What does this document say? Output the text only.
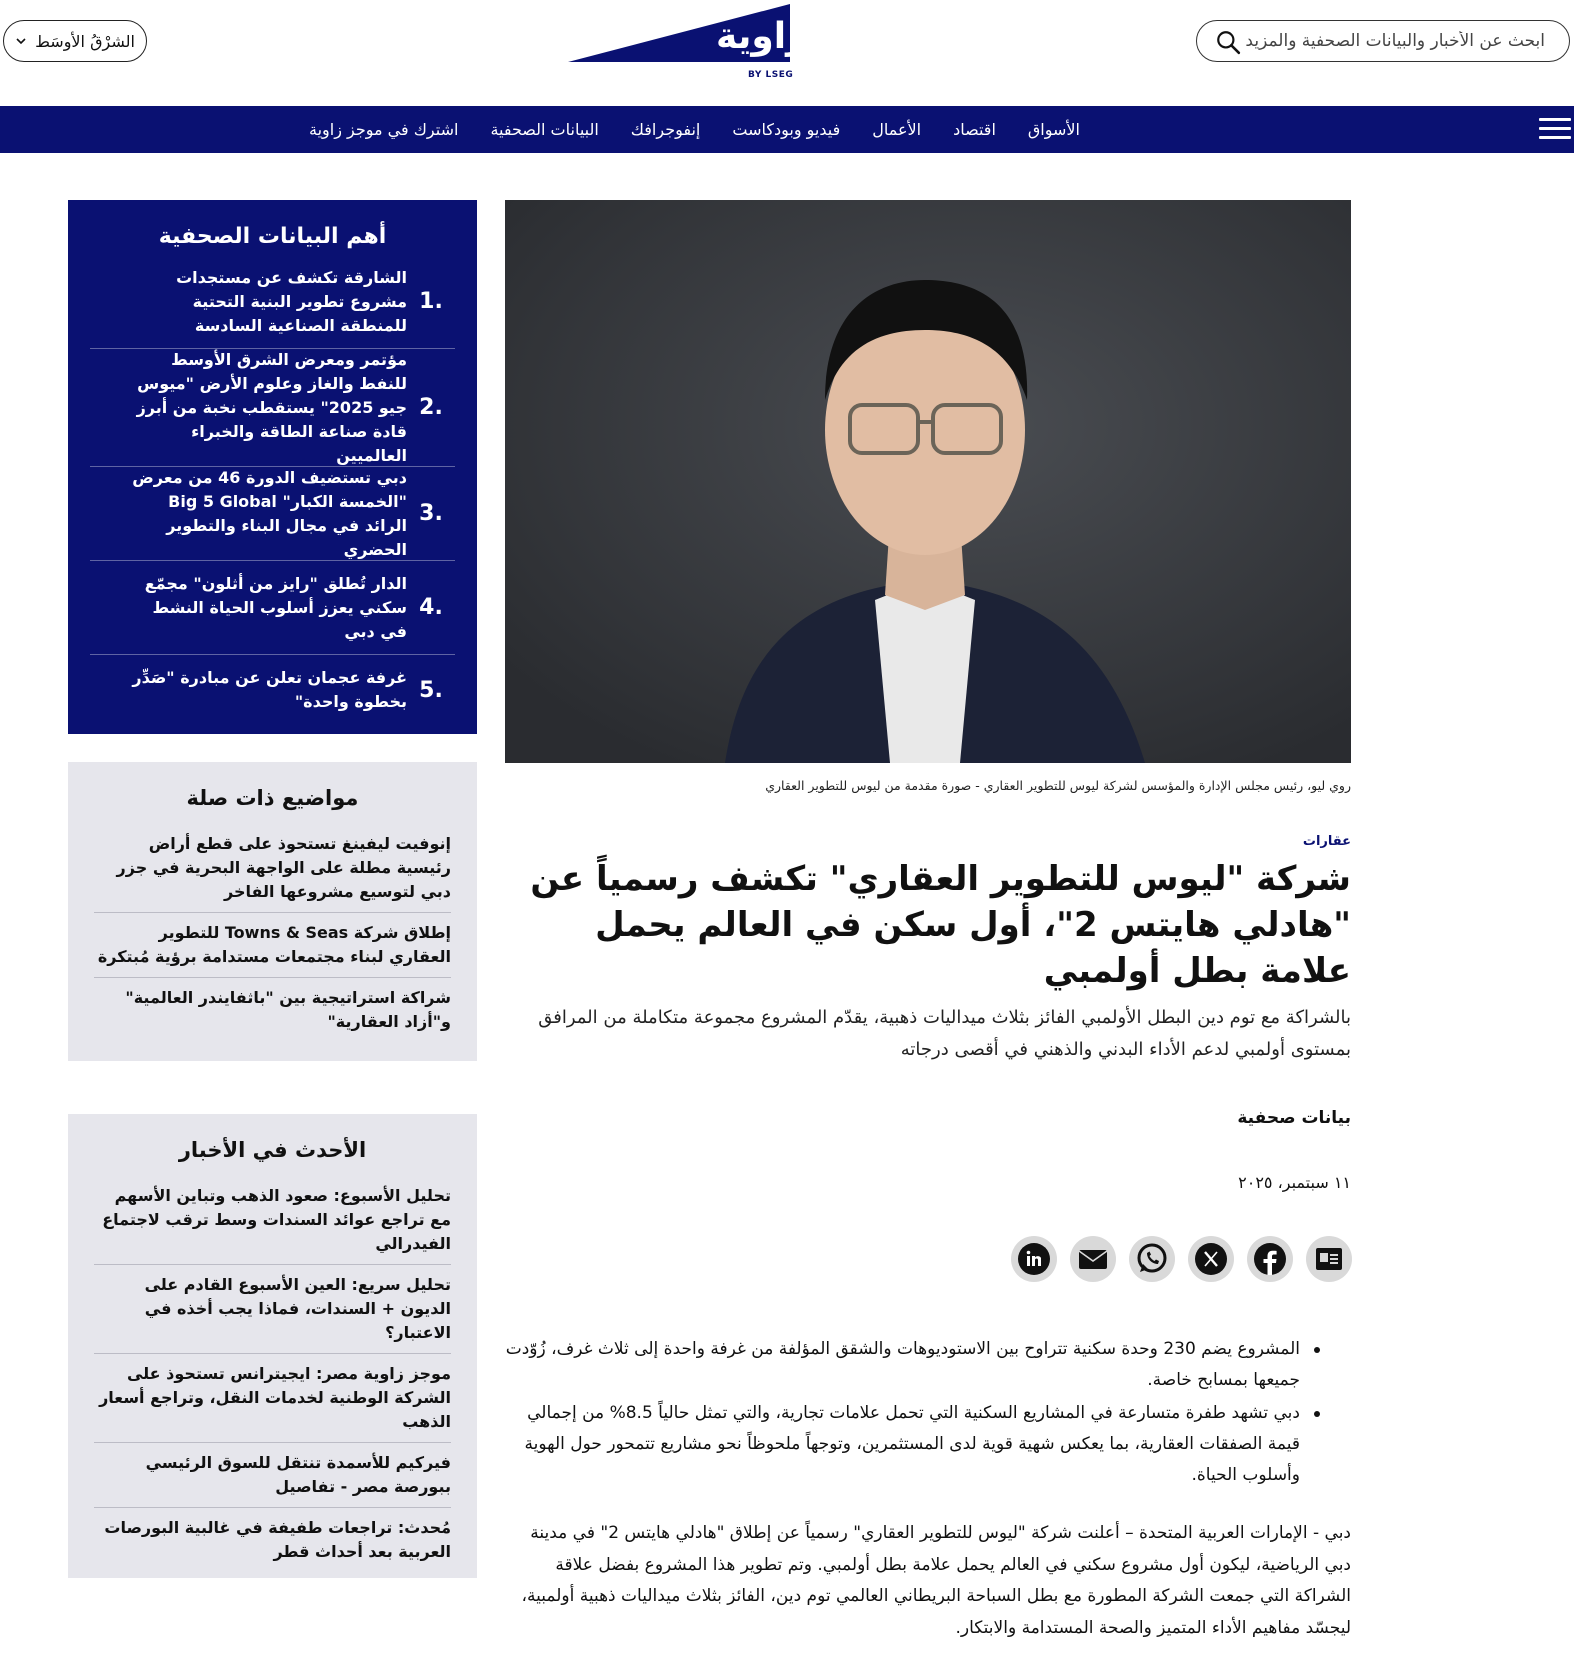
ابحث عن الأخبار والبيانات الصحفية والمزيد
زاوية
BY LSEG
الشرْقُ الأوسَط
الأسواق
اقتصاد
الأعمال
فيديو وبودكاست
إنفوجرافك
البيانات الصحفية
اشترك في موجز زاوية
أهم البيانات الصحفية
.1
الشارقة تكشف عن مستجدات مشروع تطوير البنية التحتية للمنطقة الصناعية السادسة
.2
مؤتمر ومعرض الشرق الأوسط للنفط والغاز وعلوم الأرض "ميوس جيو 2025" يستقطب نخبة من أبرز قادة صناعة الطاقة والخبراء العالميين
.3
دبي تستضيف الدورة 46 من معرض "الخمسة الكبار" Big 5 Global الرائد في مجال البناء والتطوير الحضري
.4
الدار تُطلق "رايز من أثلون" مجمّع سكني يعزز أسلوب الحياة النشط في دبي
.5
غرفة عجمان تعلن عن مبادرة "صَدِّر بخطوة واحدة"
مواضيع ذات صلة
إنوفيت ليفينغ تستحوذ على قطع أراض رئيسية مطلة على الواجهة البحرية في جزر دبي لتوسيع مشروعها الفاخر
إطلاق شركة Towns & Seas للتطوير العقاري لبناء مجتمعات مستدامة برؤية مُبتكرة
شراكة استراتيجية بين "باثفايندر العالمية" و"أزاد العقارية"
الأحدث في الأخبار
تحليل الأسبوع: صعود الذهب وتباين الأسهم مع تراجع عوائد السندات وسط ترقب لاجتماع الفيدرالي
تحليل سريع: العين الأسبوع القادم على الديون + السندات، فماذا يجب أخذه في الاعتبار؟
موجز زاوية مصر: ايجيترانس تستحوذ على الشركة الوطنية لخدمات النقل، وتراجع أسعار الذهب
فيركيم للأسمدة تنتقل للسوق الرئيسي ببورصة مصر - تفاصيل
مُحدث: تراجعات طفيفة في غالبية البورصات العربية بعد أحداث قطر
روي ليو، رئيس مجلس الإدارة والمؤسس لشركة ليوس للتطوير العقاري - صورة مقدمة من ليوس للتطوير العقاري
عقارات
شركة "ليوس للتطوير العقاري" تكشف رسمياً عن "هادلي هايتس 2"، أول سكن في العالم يحمل علامة بطل أولمبي

بالشراكة مع توم دين البطل الأولمبي الفائز بثلاث ميداليات ذهبية، يقدّم المشروع مجموعة متكاملة من المرافق بمستوى أولمبي لدعم الأداء البدني والذهني في أقصى درجاته

بيانات صحفية
١١ سبتمبر، ٢٠٢٥
المشروع يضم 230 وحدة سكنية تتراوح بين الاستوديوهات والشقق المؤلفة من غرفة واحدة إلى ثلاث غرف، زُوّدت جميعها بمسابح خاصة.
دبي تشهد طفرة متسارعة في المشاريع السكنية التي تحمل علامات تجارية، والتي تمثل حالياً 8.5% من إجمالي قيمة الصفقات العقارية، بما يعكس شهية قوية لدى المستثمرين، وتوجهاً ملحوظاً نحو مشاريع تتمحور حول الهوية وأسلوب الحياة.

دبي - الإمارات العربية المتحدة – أعلنت شركة "ليوس للتطوير العقاري" رسمياً عن إطلاق "هادلي هايتس 2" في مدينة دبي الرياضية، ليكون أول مشروع سكني في العالم يحمل علامة بطل أولمبي. وتم تطوير هذا المشروع بفضل علاقة الشراكة التي جمعت الشركة المطورة مع بطل السباحة البريطاني العالمي توم دين، الفائز بثلاث ميداليات ذهبية أولمبية، ليجسّد مفاهيم الأداء المتميز والصحة المستدامة والابتكار.
